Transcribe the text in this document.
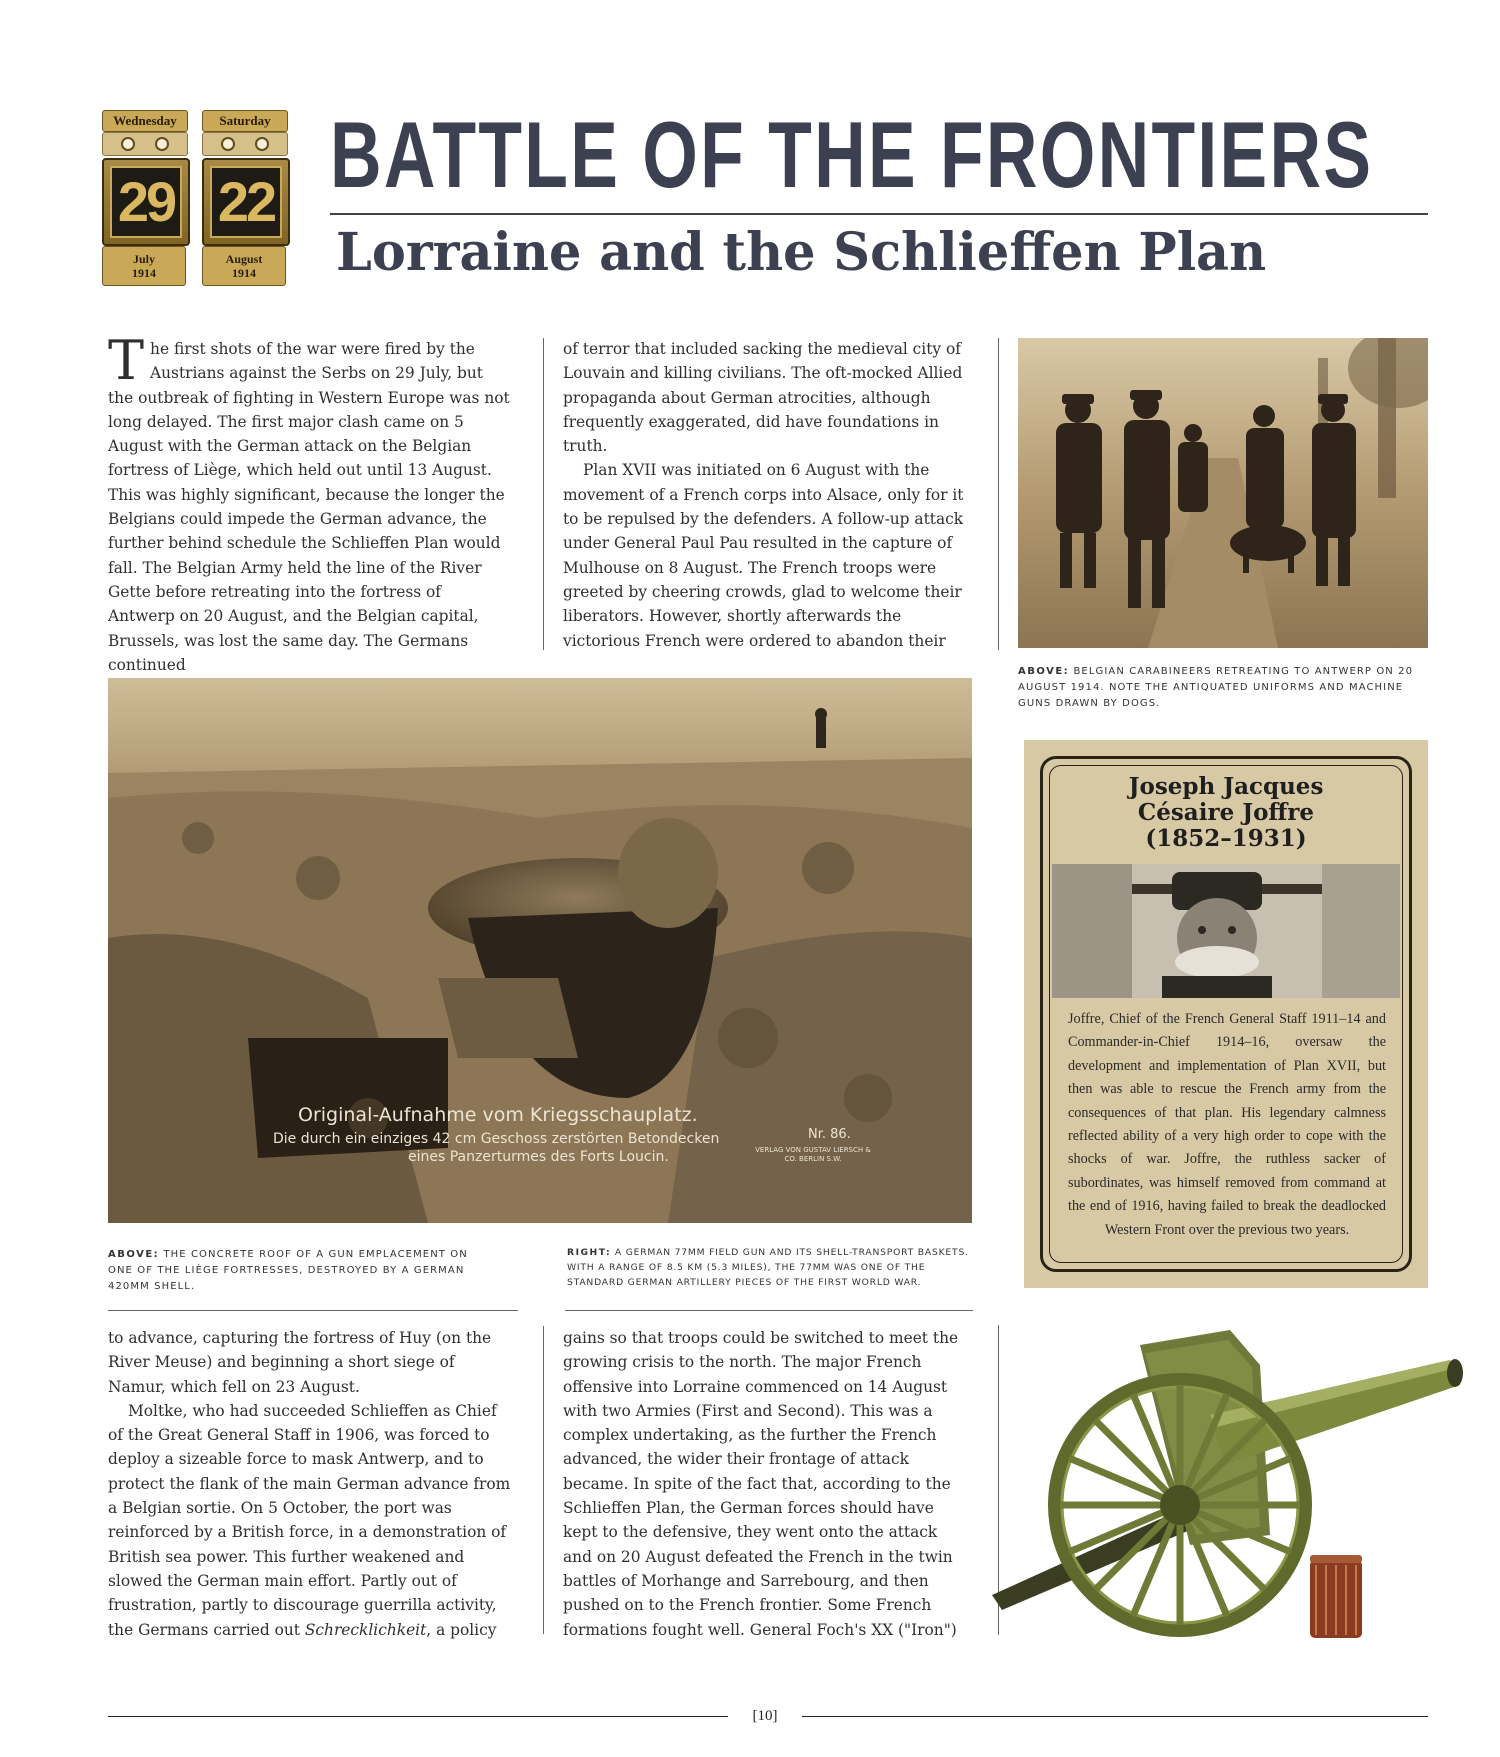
Wednesday
29
July
1914
Saturday
22
August
1914
BATTLE OF THE FRONTIERS
Lorraine and the Schlieffen Plan

The first shots of the war were fired by the Austrians against the Serbs on 29 July, but the outbreak of fighting in Western Europe was not long delayed. The first major clash came on 5 August with the German attack on the Belgian fortress of Liège, which held out until 13 August. This was highly significant, because the longer the Belgians could impede the German advance, the further behind schedule the Schlieffen Plan would fall. The Belgian Army held the line of the River Gette before retreating into the fortress of Antwerp on 20 August, and the Belgian capital, Brussels, was lost the same day. The Germans continued

of terror that included sacking the medieval city of Louvain and killing civilians. The oft-mocked Allied propaganda about German atrocities, although frequently exaggerated, did have foundations in truth.

Plan XVII was initiated on 6 August with the movement of a French corps into Alsace, only for it to be repulsed by the defenders. A follow-up attack under General Paul Pau resulted in the capture of Mulhouse on 8 August. The French troops were greeted by cheering crowds, glad to welcome their liberators. However, shortly afterwards the victorious French were ordered to abandon their

ABOVE: BELGIAN CARABINEERS RETREATING TO ANTWERP ON 20 AUGUST 1914. NOTE THE ANTIQUATED UNIFORMS AND MACHINE GUNS DRAWN BY DOGS.
Original-Aufnahme vom Kriegsschauplatz.
Die durch ein einziges 42 cm Geschoss zerstörten Betondecken
eines Panzerturmes des Forts Loucin.
Nr. 86.
VERLAG VON GUSTAV LIERSCH & CO. BERLIN S.W.
ABOVE: THE CONCRETE ROOF OF A GUN EMPLACEMENT ON ONE OF THE LIÈGE FORTRESSES, DESTROYED BY A GERMAN 420MM SHELL.
RIGHT: A GERMAN 77MM FIELD GUN AND ITS SHELL-TRANSPORT BASKETS. WITH A RANGE OF 8.5 KM (5.3 MILES), THE 77MM WAS ONE OF THE STANDARD GERMAN ARTILLERY PIECES OF THE FIRST WORLD WAR.

to advance, capturing the fortress of Huy (on the River Meuse) and beginning a short siege of Namur, which fell on 23 August.

Moltke, who had succeeded Schlieffen as Chief of the Great General Staff in 1906, was forced to deploy a sizeable force to mask Antwerp, and to protect the flank of the main German advance from a Belgian sortie. On 5 October, the port was reinforced by a British force, in a demonstration of British sea power. This further weakened and slowed the German main effort. Partly out of frustration, partly to discourage guerrilla activity, the Germans carried out Schrecklichkeit, a policy

gains so that troops could be switched to meet the growing crisis to the north. The major French offensive into Lorraine commenced on 14 August with two Armies (First and Second). This was a complex undertaking, as the further the French advanced, the wider their frontage of attack became. In spite of the fact that, according to the Schlieffen Plan, the German forces should have kept to the defensive, they went onto the attack and on 20 August defeated the French in the twin battles of Morhange and Sarrebourg, and then pushed on to the French frontier. Some French formations fought well. General Foch's XX ("Iron")

Joseph Jacques
Césaire Joffre
(1852–1931)
Joffre, Chief of the French General Staff 1911–14 and Commander-in-Chief 1914–16, oversaw the development and implementation of Plan XVII, but then was able to rescue the French army from the consequences of that plan. His legendary calmness reflected ability of a very high order to cope with the shocks of war. Joffre, the ruthless sacker of subordinates, was himself removed from command at the end of 1916, having failed to break the deadlocked Western Front over the previous two years.
[10]
